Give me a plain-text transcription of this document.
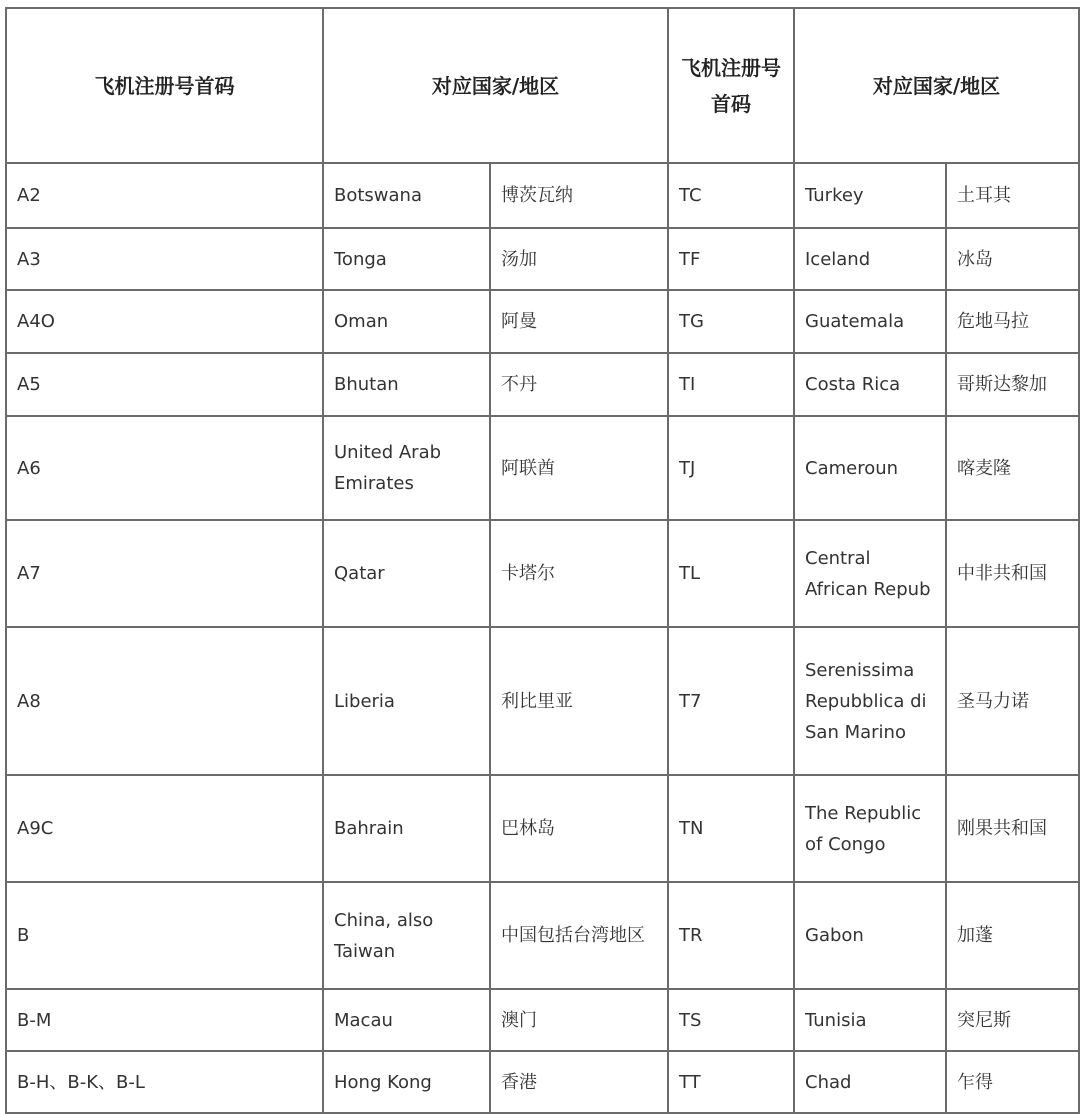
飞机注册号首码	对应国家/地区		飞机注册号首码	对应国家/地区	
A2	Botswana	博茨瓦纳	TC	Turkey	土耳其
A3	Tonga	汤加	TF	Iceland	冰岛
A4O	Oman	阿曼	TG	Guatemala	危地马拉
A5	Bhutan	不丹	TI	Costa Rica	哥斯达黎加
A6	United Arab Emirates	阿联酋	TJ	Cameroun	喀麦隆
A7	Qatar	卡塔尔	TL	Central African Repub	中非共和国
A8	Liberia	利比里亚	T7	Serenissima Repubblica di San Marino	圣马力诺
A9C	Bahrain	巴林岛	TN	The Republic of Congo	刚果共和国
B	China, also Taiwan	中国包括台湾地区	TR	Gabon	加蓬
B-M	Macau	澳门	TS	Tunisia	突尼斯
B-H、B-K、B-L	Hong Kong	香港	TT	Chad	乍得
